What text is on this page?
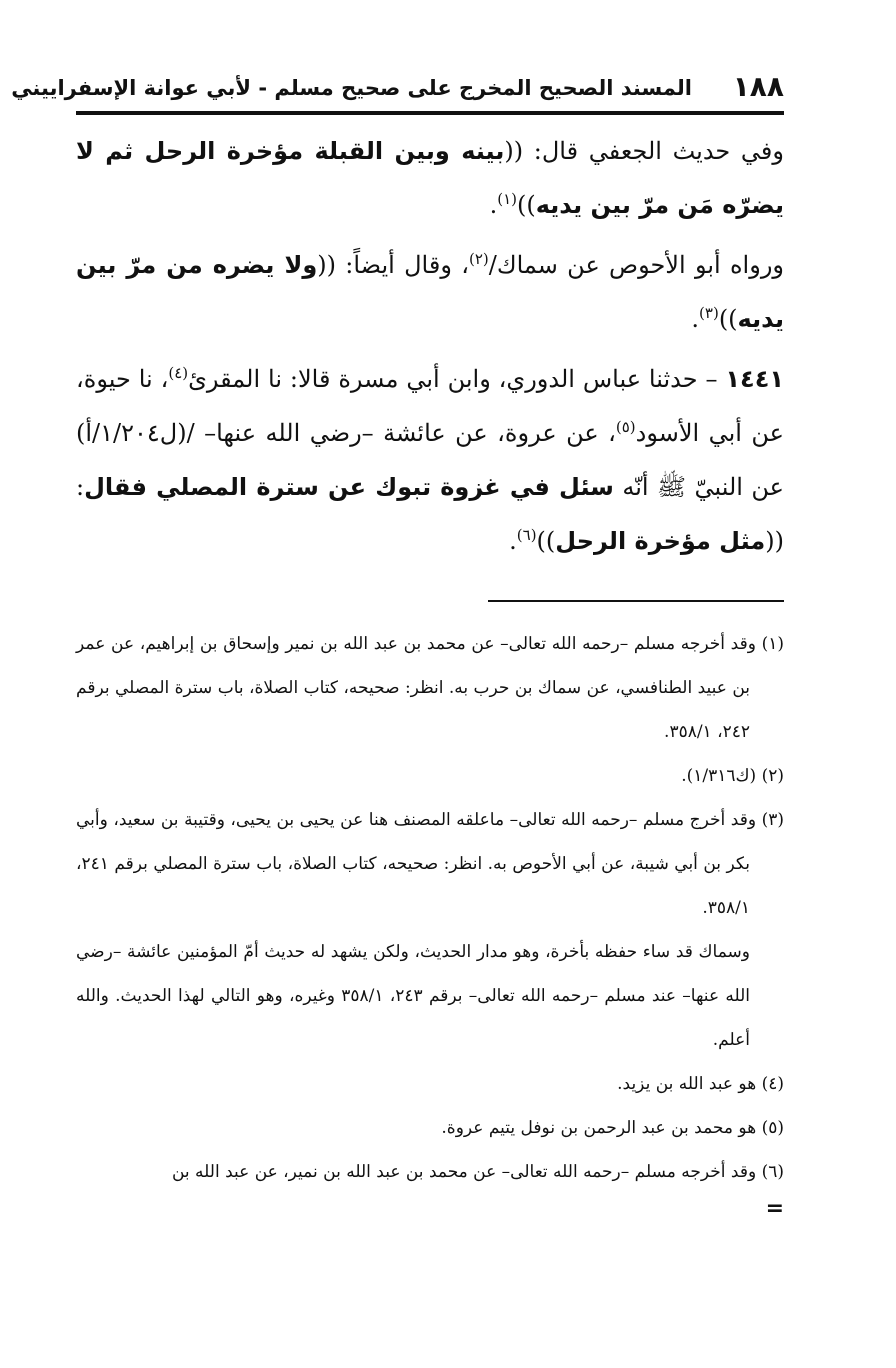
١٨٨
المسند الصحيح المخرج على صحيح مسلم - لأبي عوانة الإسفراييني

وفي حديث الجعفي قال: ((بينه وبين القبلة مؤخرة الرحل ثم لا يضرّه مَن مرّ بين يديه))$^{(١)}$.

ورواه أبو الأحوص عن سماك/$^{(٢)}$، وقال أيضاً: ((ولا يضره من مرّ بين يديه))$^{(٣)}$.

١٤٤١ – حدثنا عباس الدوري، وابن أبي مسرة قالا: نا المقرئ$^{(٤)}$، نا حيوة، عن أبي الأسود$^{(٥)}$، عن عروة، عن عائشة –رضي الله عنها– /(ل١/٢٠٤/أ) عن النبيّ ﷺ أنّه سئل في غزوة تبوك عن سترة المصلي فقال: ((مثل مؤخرة الرحل))$^{(٦)}$.

(١) وقد أخرجه مسلم –رحمه الله تعالى– عن محمد بن عبد الله بن نمير وإسحاق بن إبراهيم، عن عمر بن عبيد الطنافسي، عن سماك بن حرب به. انظر: صحيحه، كتاب الصلاة، باب سترة المصلي برقم ٢٤٢، ٣٥٨/١.

(٢) (ك١/٣١٦).

(٣) وقد أخرج مسلم –رحمه الله تعالى– ماعلقه المصنف هنا عن يحيى بن يحيى، وقتيبة بن سعيد، وأبي بكر بن أبي شيبة، عن أبي الأحوص به. انظر: صحيحه، كتاب الصلاة، باب سترة المصلي برقم ٢٤١، ٣٥٨/١.

وسماك قد ساء حفظه بأخرة، وهو مدار الحديث، ولكن يشهد له حديث أمّ المؤمنين عائشة –رضي الله عنها– عند مسلم –رحمه الله تعالى– برقم ٢٤٣، ٣٥٨/١ وغيره، وهو التالي لهذا الحديث. والله أعلم.

(٤) هو عبد الله بن يزيد.

(٥) هو محمد بن عبد الرحمن بن نوفل يتيم عروة.

(٦) وقد أخرجه مسلم –رحمه الله تعالى– عن محمد بن عبد الله بن نمير، عن عبد الله بن

=
